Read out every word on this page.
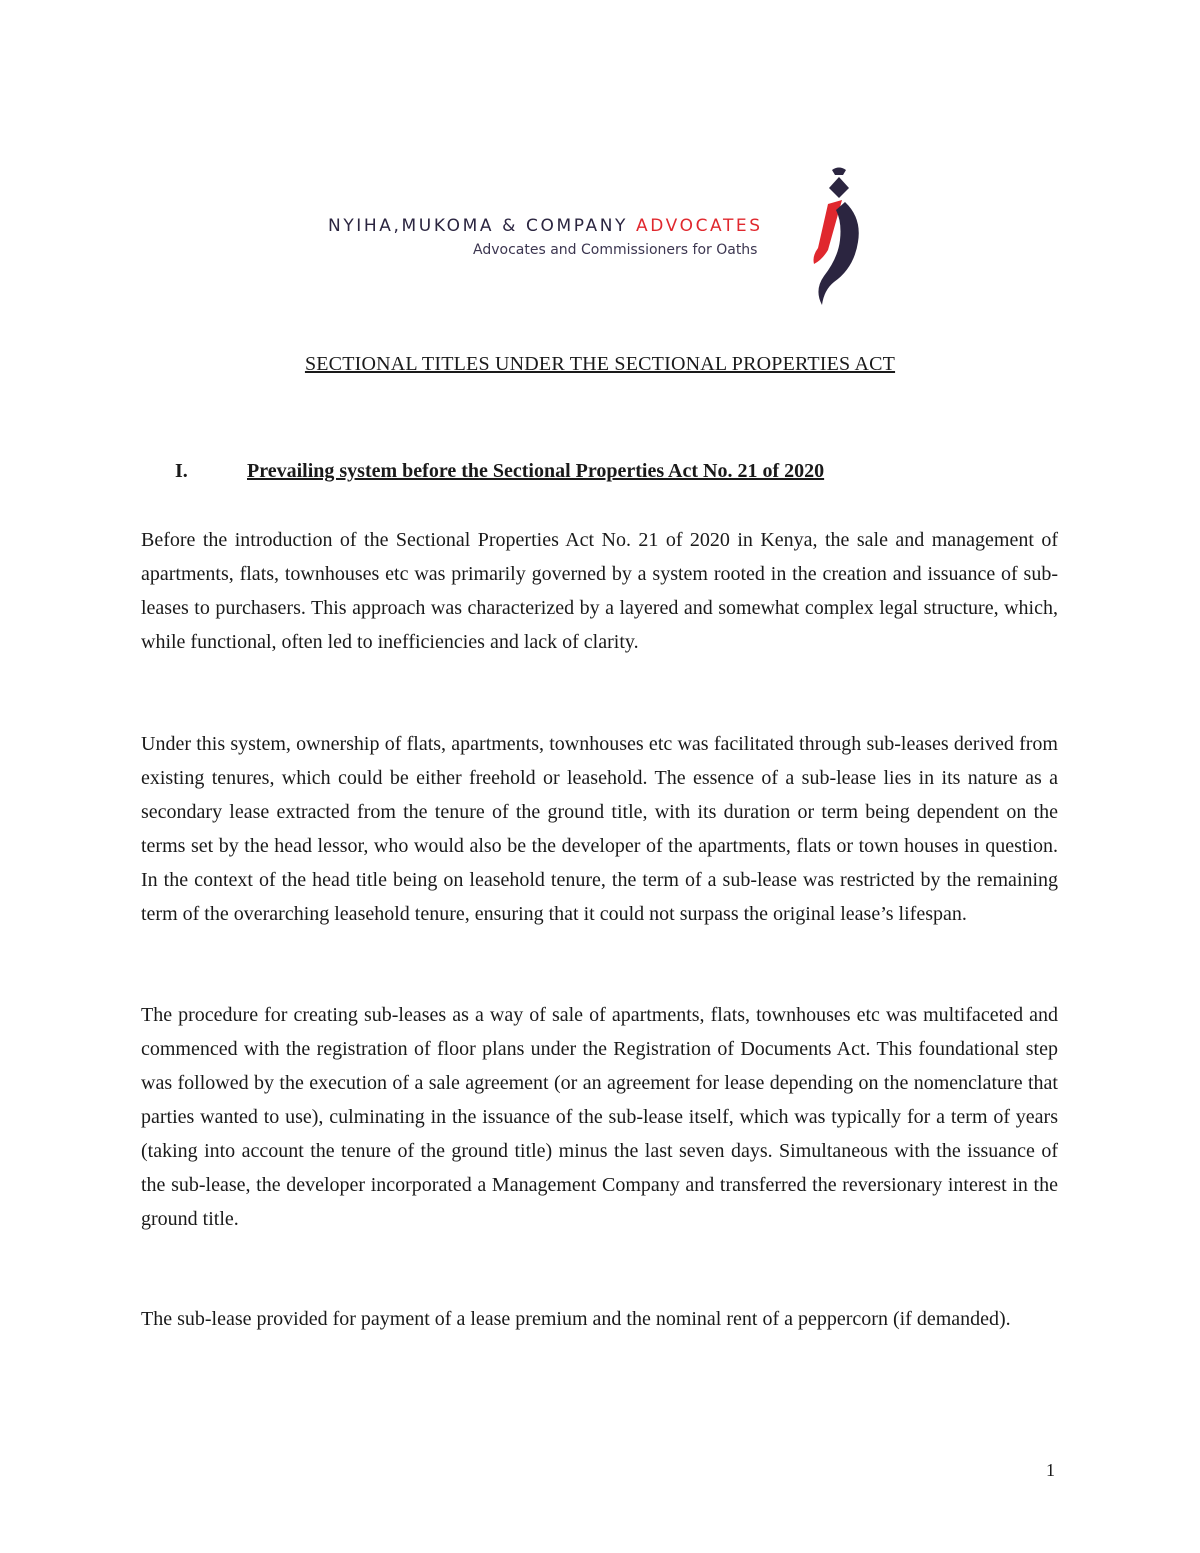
NYIHA,MUKOMA & COMPANY ADVOCATES
Advocates and Commissioners for Oaths
SECTIONAL TITLES UNDER THE SECTIONAL PROPERTIES ACT
I.	Prevailing system before the Sectional Properties Act No. 21 of 2020

Before the introduction of the Sectional Properties Act No. 21 of 2020 in Kenya, the sale and management of apartments, flats, townhouses etc was primarily governed by a system rooted in the creation and issuance of sub-leases to purchasers. This approach was characterized by a layered and somewhat complex legal structure, which, while functional, often led to inefficiencies and lack of clarity.

Under this system, ownership of flats, apartments, townhouses etc was facilitated through sub-leases derived from existing tenures, which could be either freehold or leasehold. The essence of a sub-lease lies in its nature as a secondary lease extracted from the tenure of the ground title, with its duration or term being dependent on the terms set by the head lessor, who would also be the developer of the apartments, flats or town houses in question. In the context of the head title being on leasehold tenure, the term of a sub-lease was restricted by the remaining term of the overarching leasehold tenure, ensuring that it could not surpass the original lease’s lifespan.

The procedure for creating sub-leases as a way of sale of apartments, flats, townhouses etc was multifaceted and commenced with the registration of floor plans under the Registration of Documents Act. This foundational step was followed by the execution of a sale agreement (or an agreement for lease depending on the nomenclature that parties wanted to use), culminating in the issuance of the sub-lease itself, which was typically for a term of years (taking into account the tenure of the ground title) minus the last seven days. Simultaneous with the issuance of the sub-lease, the developer incorporated a Management Company and transferred the reversionary interest in the ground title.

The sub-lease provided for payment of a lease premium and the nominal rent of a peppercorn (if demanded).

1
